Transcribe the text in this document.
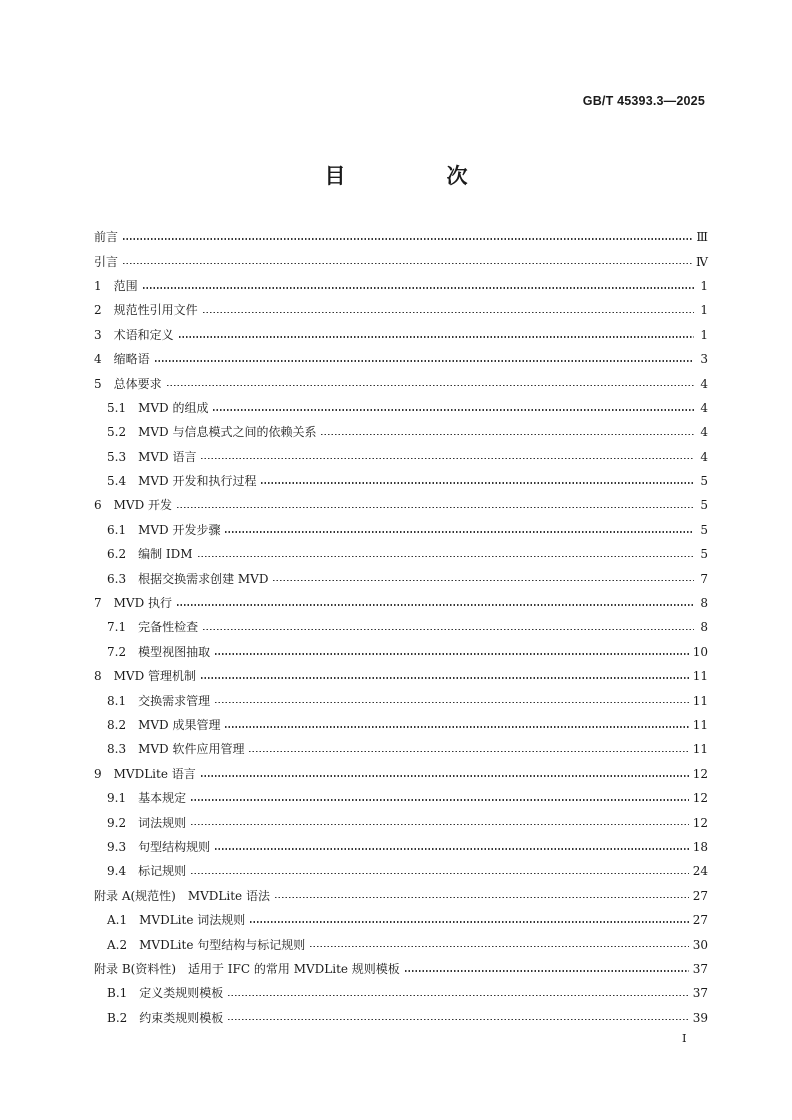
GB/T 45393.3—2025
目　次
前言	Ⅲ
引言	Ⅳ
1　范围	1
2　规范性引用文件	1
3　术语和定义	1
4　缩略语	3
5　总体要求	4
5.1　MVD 的组成	4
5.2　MVD 与信息模式之间的依赖关系	4
5.3　MVD 语言	4
5.4　MVD 开发和执行过程	5
6　MVD 开发	5
6.1　MVD 开发步骤	5
6.2　编制 IDM	5
6.3　根据交换需求创建 MVD	7
7　MVD 执行	8
7.1　完备性检查	8
7.2　模型视图抽取	10
8　MVD 管理机制	11
8.1　交换需求管理	11
8.2　MVD 成果管理	11
8.3　MVD 软件应用管理	11
9　MVDLite 语言	12
9.1　基本规定	12
9.2　词法规则	12
9.3　句型结构规则	18
9.4　标记规则	24
附录 A(规范性)　MVDLite 语法	27
A.1　MVDLite 词法规则	27
A.2　MVDLite 句型结构与标记规则	30
附录 B(资料性)　适用于 IFC 的常用 MVDLite 规则模板	37
B.1　定义类规则模板	37
B.2　约束类规则模板	39
Ⅰ
